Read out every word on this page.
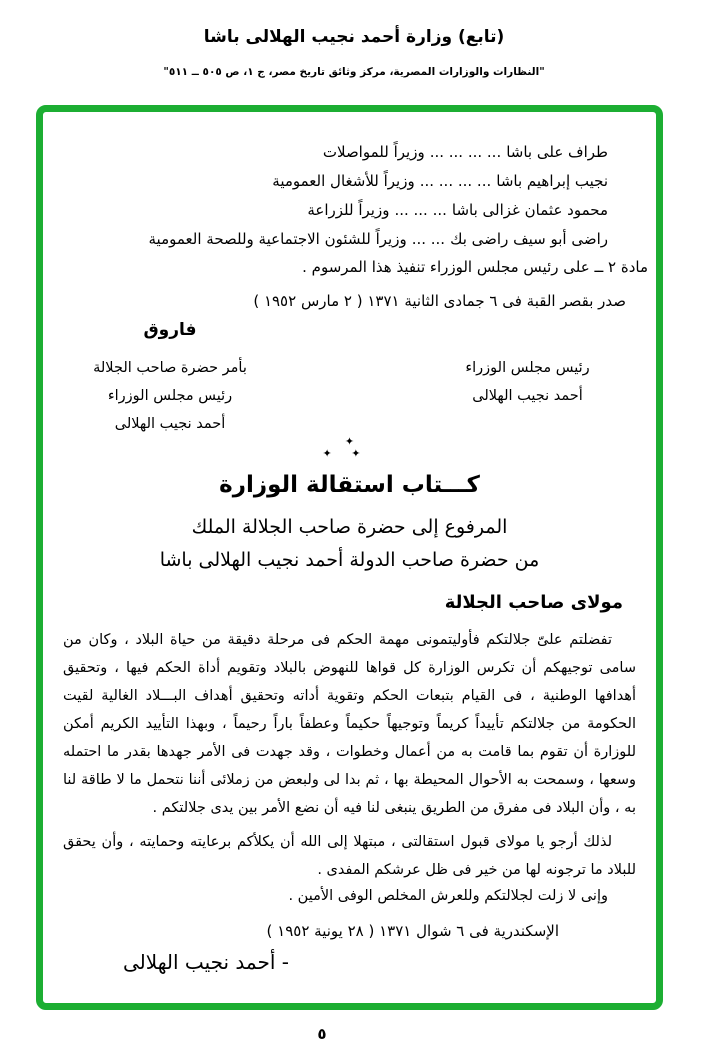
(تابع) وزارة أحمد نجيب الهلالى باشا
"النظارات والوزارات المصرية، مركز وثائق تاريخ مصر، ج ١، ص ٥٠٥ ــ ٥١١"
طراف على باشا... ... ... ...وزيراً للمواصلات
نجيب إبراهيم باشا... ... ... ...وزيراً للأشغال العمومية
محمود عثمان غزالى باشا... ... ...وزيراً للزراعة
راضى أبو سيف راضى بك... ...وزيراً للشئون الاجتماعية وللصحة العمومية
مادة ٢ ــ على رئيس مجلس الوزراء تنفيذ هذا المرسوم .
صدر بقصر القبة فى ٦ جمادى الثانية ١٣٧١ ( ٢ مارس ١٩٥٢ )
فاروق
بأمر حضرة صاحب الجلالة
رئيس مجلس الوزراء
أحمد نجيب الهلالى
رئيس مجلس الوزراء
أحمد نجيب الهلالى
✦
✦ ✦
كـــتاب استقالة الوزارة
المرفوع إلى حضرة صاحب الجلالة الملك
من حضرة صاحب الدولة أحمد نجيب الهلالى باشا
مولاى صاحب الجلالة
تفضلتم علىّ جلالتكم فأوليتمونى مهمة الحكم فى مرحلة دقيقة من حياة البلاد ، وكان من سامى توجيهكم أن تكرس الوزارة كل قواها للنهوض بالبلاد وتقويم أداة الحكم فيها ، وتحقيق أهدافها الوطنية ، فى القيام بتبعات الحكم وتقوية أداته وتحقيق أهداف البـــلاد الغالية لقيت الحكومة من جلالتكم تأييداً كريماً وتوجيهاً حكيماً وعطفاً باراً رحيماً ، وبهذا التأييد الكريم أمكن للوزارة أن تقوم بما قامت به من أعمال وخطوات ، وقد جهدت فى الأمر جهدها بقدر ما احتمله وسعها ، وسمحت به الأحوال المحيطة بها ، ثم بدا لى ولبعض من زملائى أننا نتحمل ما لا طاقة لنا به ، وأن البلاد فى مفرق من الطريق ينبغى لنا فيه أن نضع الأمر بين يدى جلالتكم .
لذلك أرجو يا مولاى قبول استقالتى ، مبتهلا إلى الله أن يكلأكم برعايته وحمايته ، وأن يحقق للبلاد ما ترجونه لها من خير فى ظل عرشكم المفدى .
وإنى لا زلت لجلالتكم وللعرش المخلص الوفى الأمين .
الإسكندرية فى ٦ شوال ١٣٧١ ( ٢٨ يونية ١٩٥٢ )
- أحمد نجيب الهلالى
٥
